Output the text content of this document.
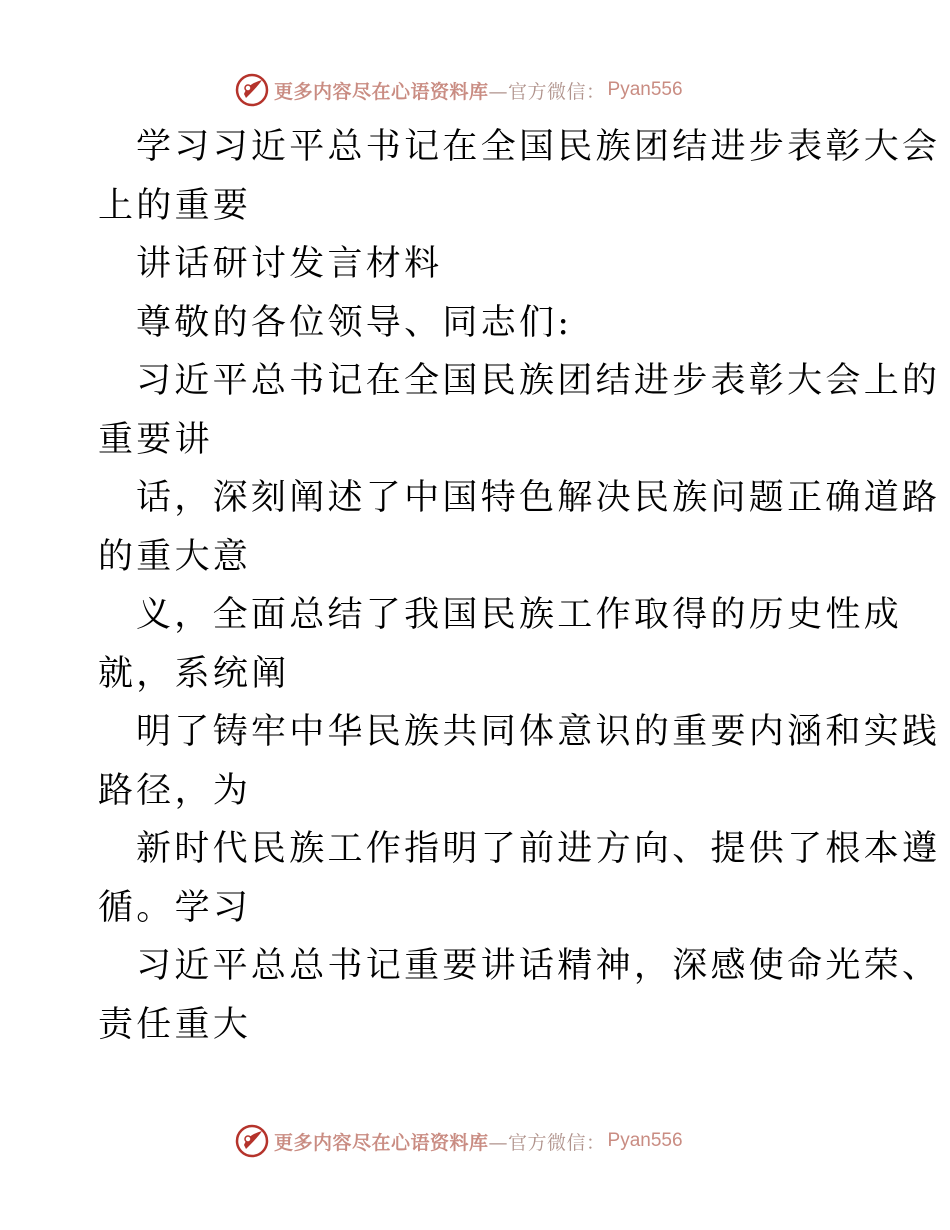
更多内容尽在心语资料库 —官方微信： Pyan556
学习习近平总书记在全国民族团结进步表彰大会
上的重要
讲话研讨发言材料
尊敬的各位领导、同志们:
习近平总书记在全国民族团结进步表彰大会上的
重要讲
话，深刻阐述了中国特色解决民族问题正确道路
的重大意
义，全面总结了我国民族工作取得的历史性成
就，系统阐
明了铸牢中华民族共同体意识的重要内涵和实践
路径，为
新时代民族工作指明了前进方向、提供了根本遵
循。学习
习近平总总书记重要讲话精神，深感使命光荣、
责任重大
更多内容尽在心语资料库 —官方微信： Pyan556
